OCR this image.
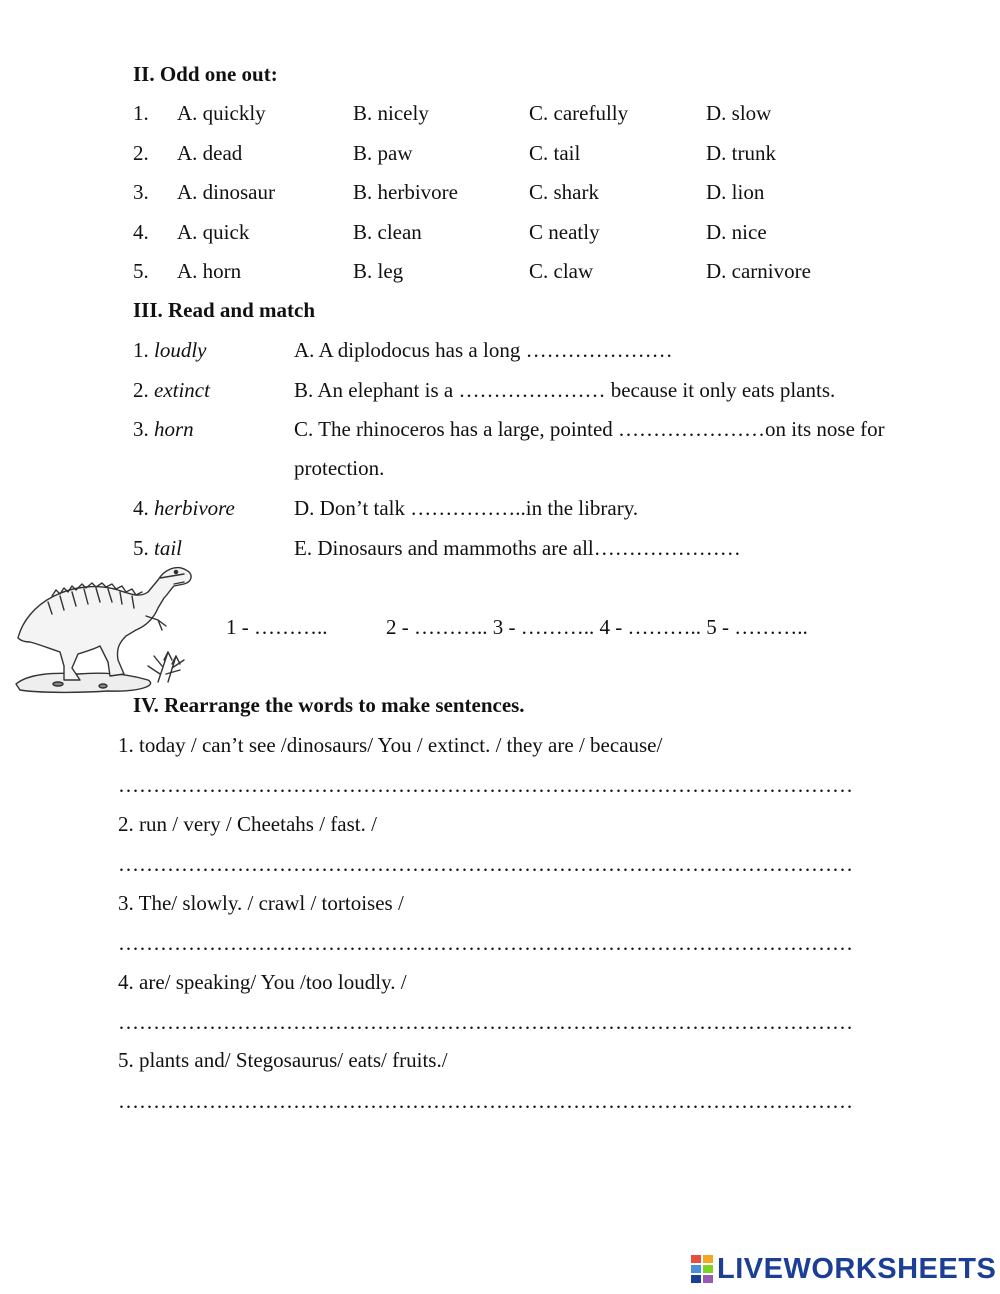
II. Odd one out:
1. A. quickly	B. nicely	C. carefully	D. slow
2. A. dead	B. paw	C. tail	D. trunk
3. A. dinosaur	B. herbivore	C. shark	D. lion
4. A. quick	B. clean	C neatly	D. nice
5. A. horn	B. leg	C. claw	D. carnivore
III. Read and match
1. loudly	A. A diplodocus has a long …………………
2. extinct	B. An elephant is a ………………… because it only eats plants.
3. horn	C. The rhinoceros has a large, pointed …………………on its nose for
protection.
4. herbivore	D. Don’t talk ……………..in the library.
5. tail	E. Dinosaurs and mammoths are all…………………
1 - ………..	2 - ……….. 3 - ……….. 4 - ……….. 5 - ………..
IV. Rearrange the words to make sentences.
1. today / can’t see /dinosaurs/ You / extinct. / they are / because/
……………………………………………………………………………………………
2. run / very / Cheetahs / fast. /
……………………………………………………………………………………………
3. The/ slowly. / crawl / tortoises /
……………………………………………………………………………………………
4. are/ speaking/ You /too loudly. /
……………………………………………………………………………………………
5. plants and/ Stegosaurus/ eats/ fruits./
……………………………………………………………………………………………
LIVEWORKSHEETS
